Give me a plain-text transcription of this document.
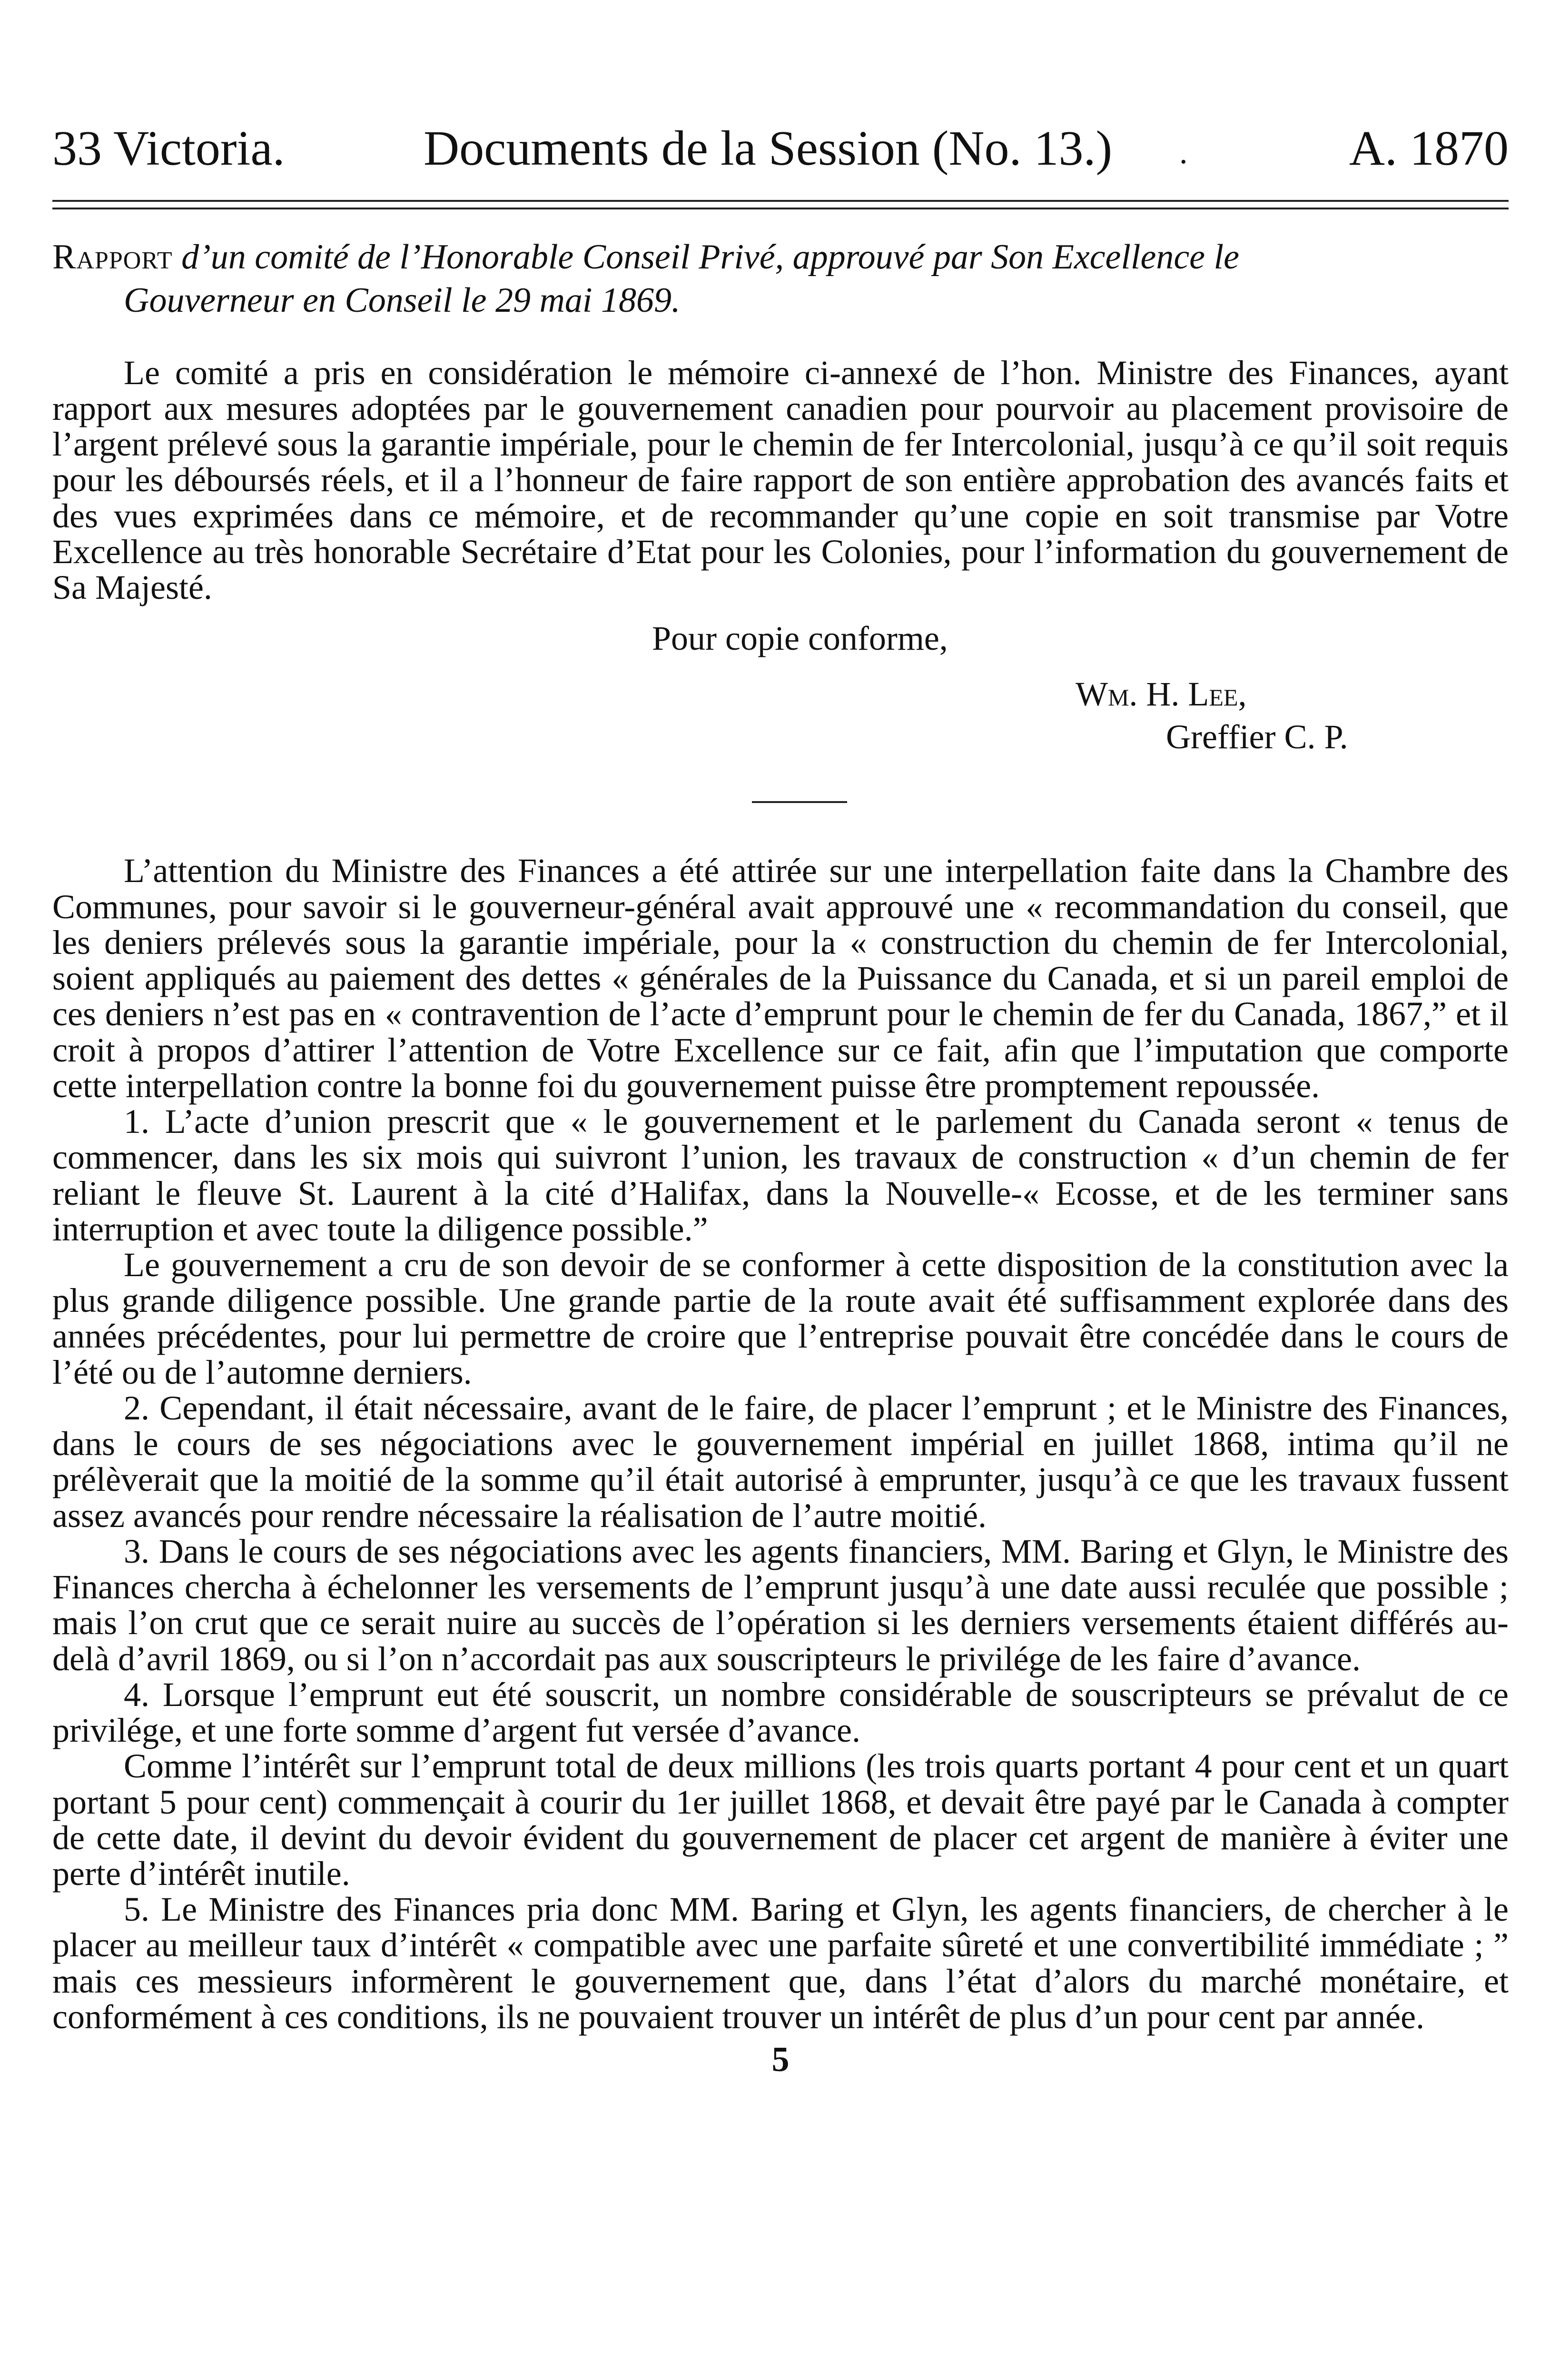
33 Victoria.	Documents de la Session (No. 13.) .	A. 1870
Rapport d’un comité de l’Honorable Conseil Privé, approuvé par Son Excellence le
Gouverneur en Conseil le 29 mai 1869.

Le comité a pris en considération le mémoire ci-annexé de l’hon. Ministre des Finances, ayant rapport aux mesures adoptées par le gouvernement canadien pour pourvoir au placement provisoire de l’argent prélevé sous la garantie impériale, pour le chemin de fer Intercolonial, jusqu’à ce qu’il soit requis pour les déboursés réels, et il a l’honneur de faire rapport de son entière approbation des avancés faits et des vues exprimées dans ce mémoire, et de recommander qu’une copie en soit transmise par Votre Excellence au très honorable Secrétaire d’Etat pour les Colonies, pour l’information du gouvernement de Sa Majesté.

Pour copie conforme,
Wm. H. Lee,
Greffier C. P.

L’attention du Ministre des Finances a été attirée sur une interpellation faite dans la Chambre des Communes, pour savoir si le gouverneur-général avait approuvé une « recommandation du conseil, que les deniers prélevés sous la garantie impériale, pour la « construction du chemin de fer Intercolonial, soient appliqués au paiement des dettes « générales de la Puissance du Canada, et si un pareil emploi de ces deniers n’est pas en « contravention de l’acte d’emprunt pour le chemin de fer du Canada, 1867,” et il croit à propos d’attirer l’attention de Votre Excellence sur ce fait, afin que l’imputation que comporte cette interpellation contre la bonne foi du gouvernement puisse être promptement repoussée.

1. L’acte d’union prescrit que « le gouvernement et le parlement du Canada seront « tenus de commencer, dans les six mois qui suivront l’union, les travaux de construction « d’un chemin de fer reliant le fleuve St. Laurent à la cité d’Halifax, dans la Nouvelle-« Ecosse, et de les terminer sans interruption et avec toute la diligence possible.”

Le gouvernement a cru de son devoir de se conformer à cette disposition de la constitution avec la plus grande diligence possible. Une grande partie de la route avait été suffisamment explorée dans des années précédentes, pour lui permettre de croire que l’entreprise pouvait être concédée dans le cours de l’été ou de l’automne derniers.

2. Cependant, il était nécessaire, avant de le faire, de placer l’emprunt ; et le Ministre des Finances, dans le cours de ses négociations avec le gouvernement impérial en juillet 1868, intima qu’il ne prélèverait que la moitié de la somme qu’il était autorisé à emprunter, jusqu’à ce que les travaux fussent assez avancés pour rendre nécessaire la réalisation de l’autre moitié.

3. Dans le cours de ses négociations avec les agents financiers, MM. Baring et Glyn, le Ministre des Finances chercha à échelonner les versements de l’emprunt jusqu’à une date aussi reculée que possible ; mais l’on crut que ce serait nuire au succès de l’opération si les derniers versements étaient différés au-delà d’avril 1869, ou si l’on n’accordait pas aux souscripteurs le privilége de les faire d’avance.

4. Lorsque l’emprunt eut été souscrit, un nombre considérable de souscripteurs se prévalut de ce privilége, et une forte somme d’argent fut versée d’avance.

Comme l’intérêt sur l’emprunt total de deux millions (les trois quarts portant 4 pour cent et un quart portant 5 pour cent) commençait à courir du 1er juillet 1868, et devait être payé par le Canada à compter de cette date, il devint du devoir évident du gouvernement de placer cet argent de manière à éviter une perte d’intérêt inutile.

5. Le Ministre des Finances pria donc MM. Baring et Glyn, les agents financiers, de chercher à le placer au meilleur taux d’intérêt « compatible avec une parfaite sûreté et une convertibilité immédiate ; ” mais ces messieurs informèrent le gouvernement que, dans l’état d’alors du marché monétaire, et conformément à ces conditions, ils ne pouvaient trouver un intérêt de plus d’un pour cent par année.

5
